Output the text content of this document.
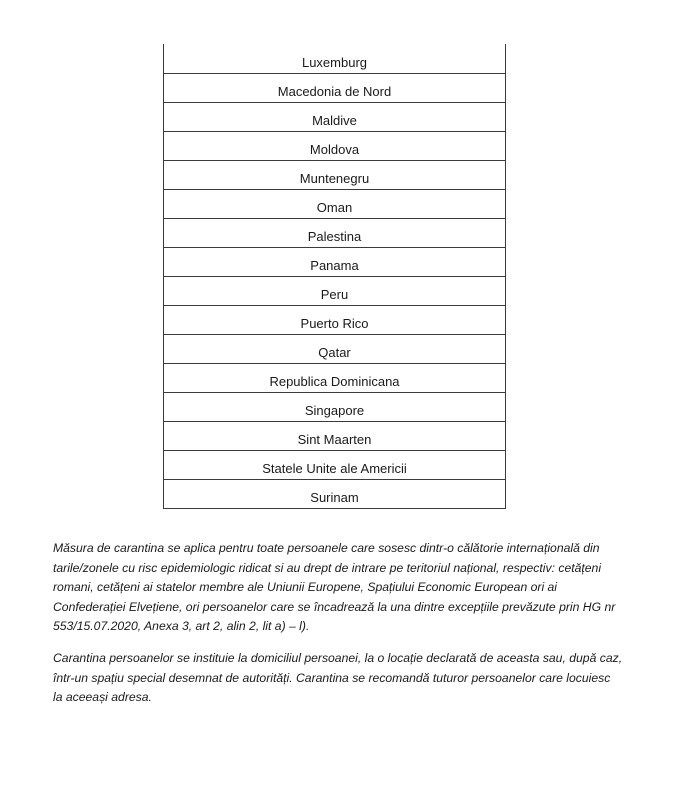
Luxemburg
Macedonia de Nord
Maldive
Moldova
Muntenegru
Oman
Palestina
Panama
Peru
Puerto Rico
Qatar
Republica Dominicana
Singapore
Sint Maarten
Statele Unite ale Americii
Surinam

Măsura de carantina se aplica pentru toate persoanele care sosesc dintr-o călătorie internațională din tarile/zonele cu risc epidemiologic ridicat si au drept de intrare pe teritoriul național, respectiv: cetățeni romani, cetățeni ai statelor membre ale Uniunii Europene, Spațiului Economic European ori ai Confederației Elvețiene, ori persoanelor care se încadrează la una dintre excepțiile prevăzute prin HG nr 553/15.07.2020, Anexa 3, art 2, alin 2, lit a) – l).

Carantina persoanelor se instituie la domiciliul persoanei, la o locație declarată de aceasta sau, după caz, într-un spațiu special desemnat de autorități. Carantina se recomandă tuturor persoanelor care locuiesc la aceeași adresa.
